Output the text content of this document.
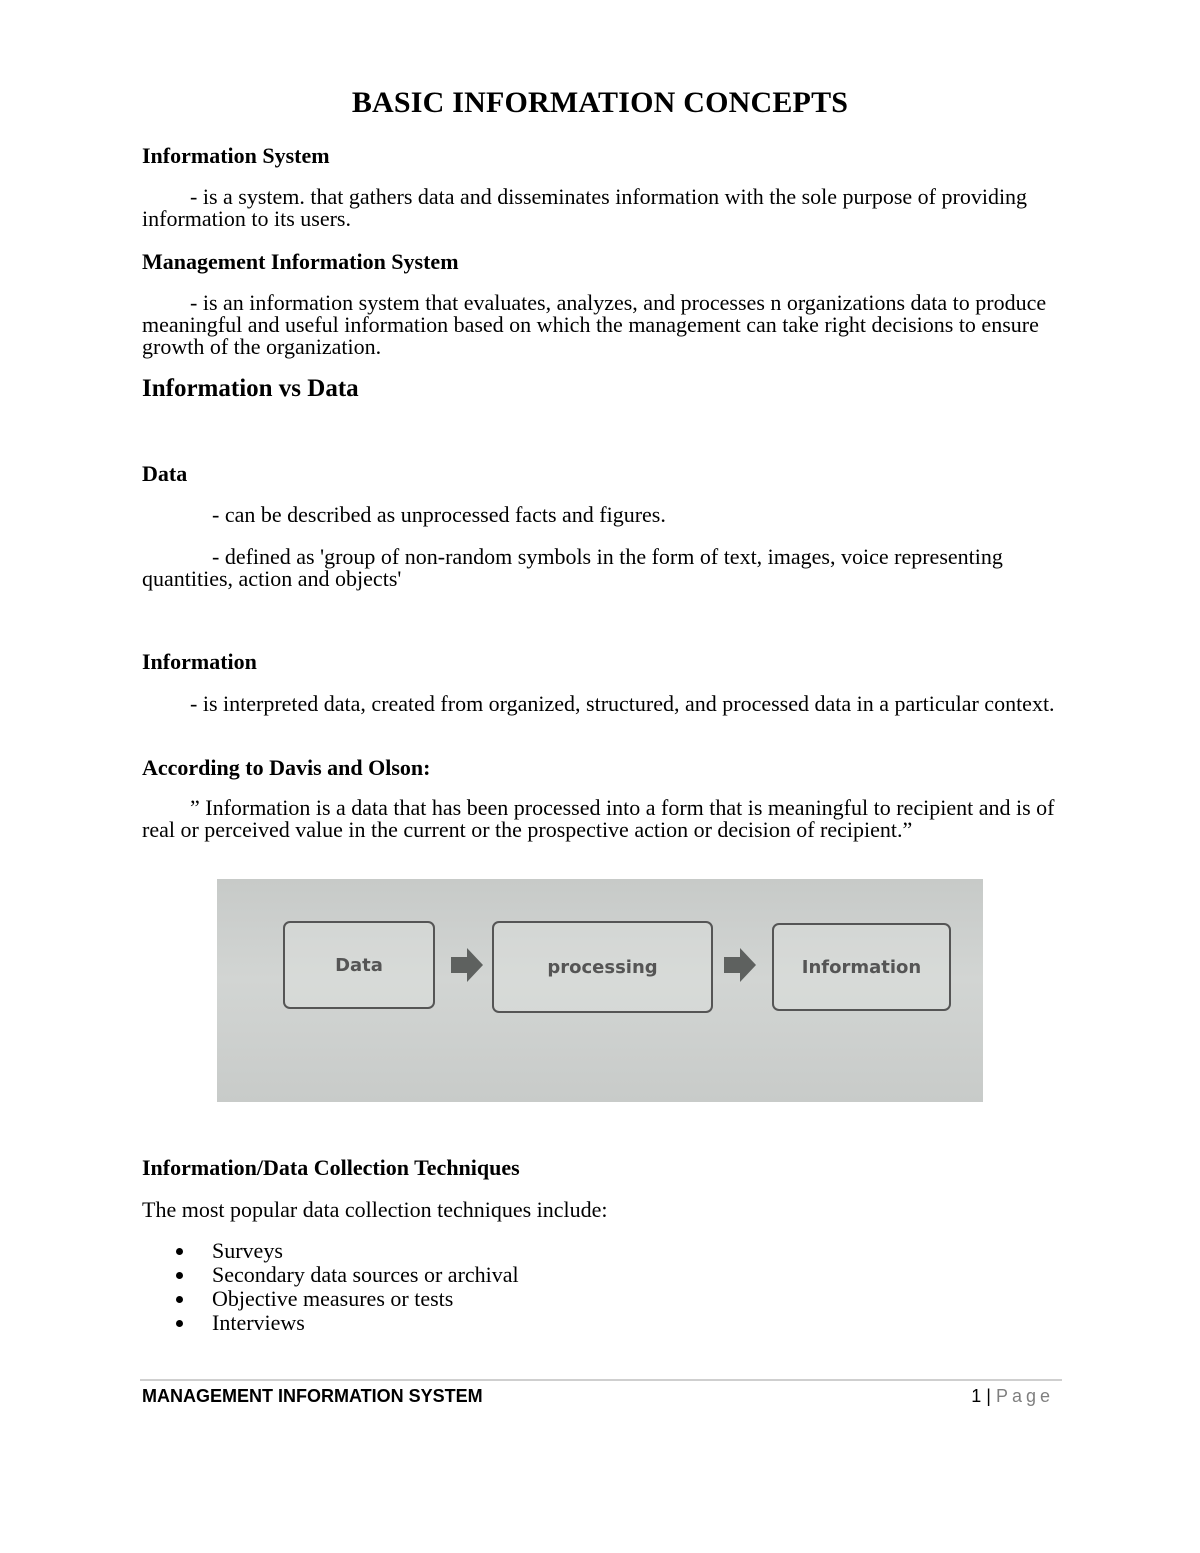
BASIC INFORMATION CONCEPTS
Information System

- is a system. that gathers data and disseminates information with the sole purpose of providing information to its users.

Management Information System

- is an information system that evaluates, analyzes, and processes n organizations data to produce meaningful and useful information based on which the management can take right decisions to ensure growth of the organization.

Information vs Data
Data

- can be described as unprocessed facts and figures.

- defined as 'group of non-random symbols in the form of text, images, voice representing quantities, action and objects'

Information

- is interpreted data, created from organized, structured, and processed data in a particular context.

According to Davis and Olson:

” Information is a data that has been processed into a form that is meaningful to recipient and is of real or perceived value in the current or the prospective action or decision of recipient.”

Data	processing	Information
Information/Data Collection Techniques

The most popular data collection techniques include:

Surveys
Secondary data sources or archival
Objective measures or tests
Interviews
MANAGEMENT INFORMATION SYSTEM	1 | Page
